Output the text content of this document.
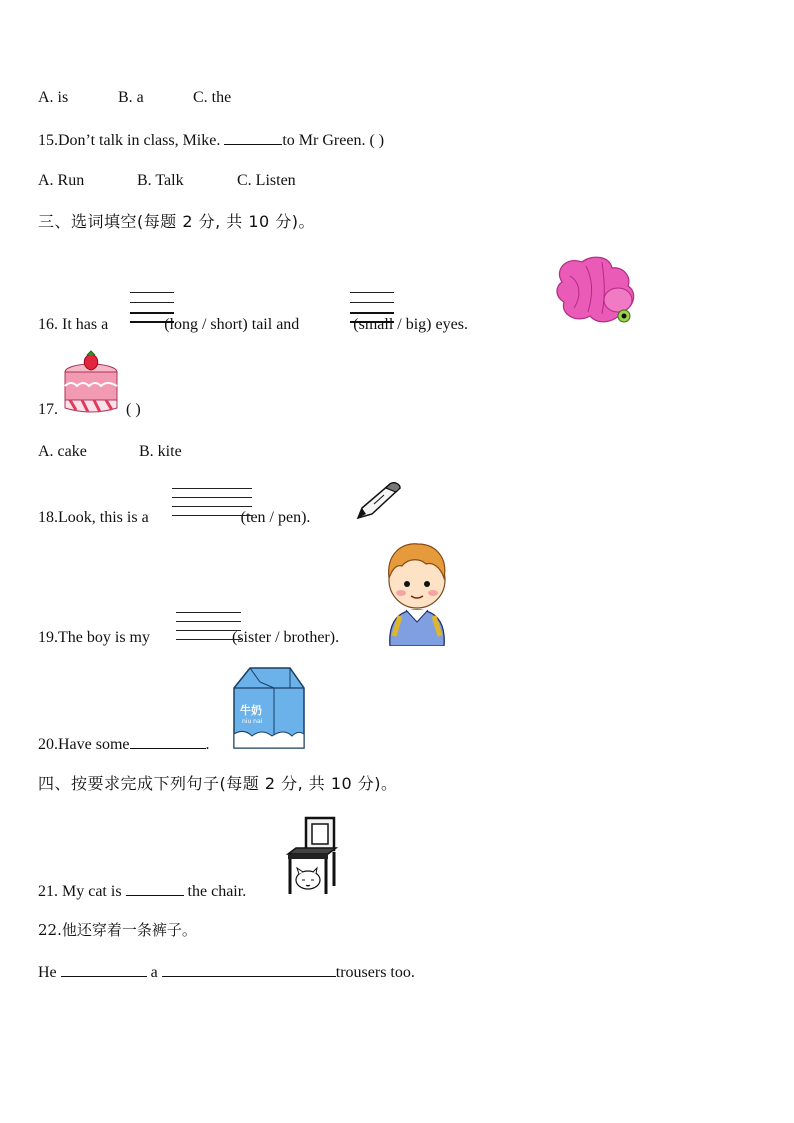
A. is	B. a	C. the
15.Don’t talk in class, Mike.	to Mr Green. ( )
A. Run	B. Talk	C. Listen
三、选词填空(每题 2 分, 共 10 分)。
16. It has a	(long / short) tail and	(small / big) eyes.
17.	( )
A. cake	B. kite
18.Look, this is a	(ten / pen).
19.The boy is my	(sister / brother).
牛奶
niu nai
20.Have some	.
四、按要求完成下列句子(每题 2 分, 共 10 分)。
21. My cat is	the chair.
22.他还穿着一条裤子。
He	a	trousers too.
